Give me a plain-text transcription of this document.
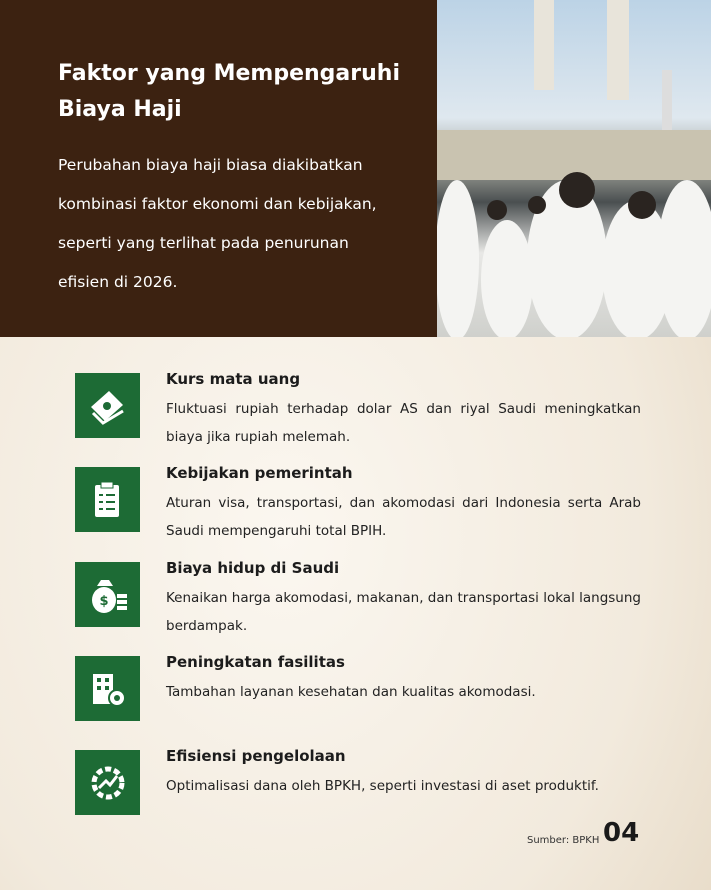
Faktor yang Mempengaruhi Biaya Haji

Perubahan biaya haji biasa diakibatkan kombinasi faktor ekonomi dan kebijakan, seperti yang terlihat pada penurunan efisien di 2026.

Kurs mata uang
Fluktuasi rupiah terhadap dolar AS dan riyal Saudi meningkatkan biaya jika rupiah melemah.
Kebijakan pemerintah
Aturan visa, transportasi, dan akomodasi dari Indonesia serta Arab Saudi mempengaruhi total BPIH.
$
Biaya hidup di Saudi
Kenaikan harga akomodasi, makanan, dan transportasi lokal langsung berdampak.
Peningkatan fasilitas
Tambahan layanan kesehatan dan kualitas akomodasi.
Efisiensi pengelolaan
Optimalisasi dana oleh BPKH, seperti investasi di aset produktif.
Sumber: BPKH 04
